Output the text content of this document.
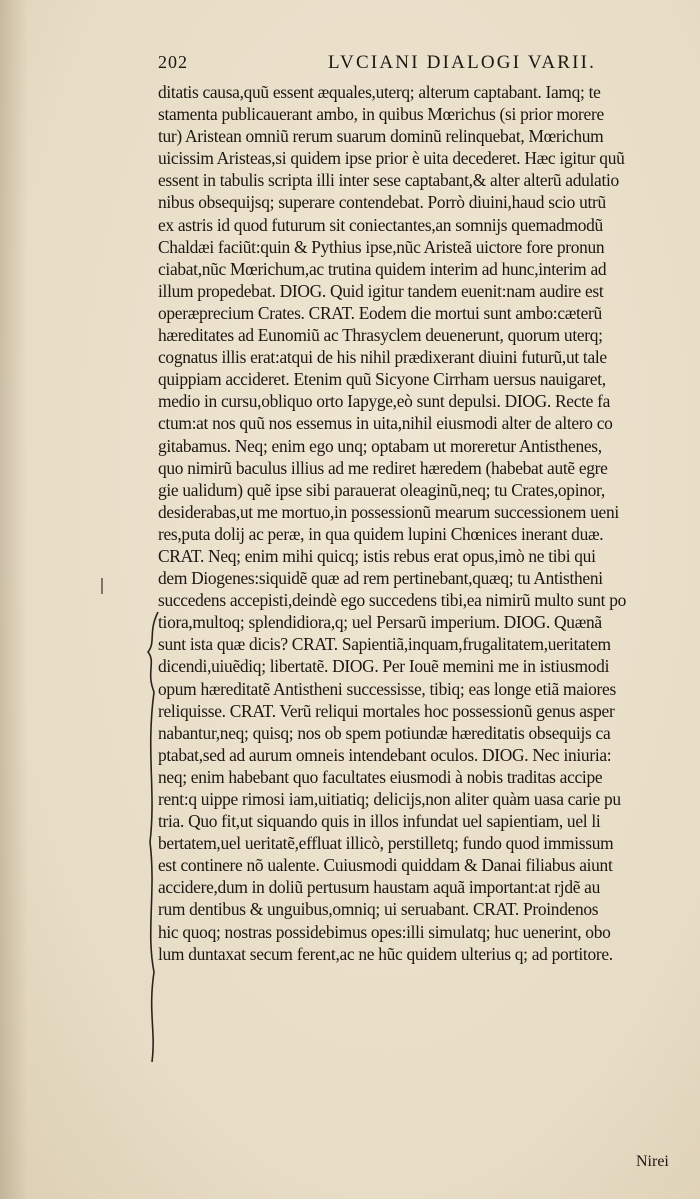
202	LVCIANI DIALOGI VARII.
ditatis causa,quũ essent æquales,uterq; alterum captabant. Iamq; te
stamenta publicauerant ambo, in quibus Mœrichus (si prior morere
tur) Aristean omniũ rerum suarum dominũ relinquebat, Mœrichum
uicissim Aristeas,si quidem ipse prior è uita decederet. Hæc igitur quũ
essent in tabulis scripta illi inter sese captabant,& alter alterũ adulatio
nibus obsequijsq; superare contendebat. Porrò diuini,haud scio utrũ
ex astris id quod futurum sit coniectantes,an somnijs quemadmodũ
Chaldæi faciũt:quin & Pythius ipse,nũc Aristeã uictore fore pronun
ciabat,nũc Mœrichum,ac trutina quidem interim ad hunc,interim ad
illum propedebat. DIOG. Quid igitur tandem euenit:nam audire est
operæprecium Crates. CRAT. Eodem die mortui sunt ambo:cæterũ
hæreditates ad Eunomiũ ac Thrasyclem deuenerunt, quorum uterq;
cognatus illis erat:atqui de his nihil prædixerant diuini futurũ,ut tale
quippiam accideret. Etenim quũ Sicyone Cirrham uersus nauigaret,
medio in cursu,obliquo orto Iapyge,eò sunt depulsi. DIOG. Recte fa
ctum:at nos quũ nos essemus in uita,nihil eiusmodi alter de altero co
gitabamus. Neq; enim ego unq; optabam ut moreretur Antisthenes,
quo nimirũ baculus illius ad me rediret hæredem (habebat autẽ egre
gie ualidum) quẽ ipse sibi parauerat oleaginũ,neq; tu Crates,opinor,
desiderabas,ut me mortuo,in possessionũ mearum successionem ueni
res,puta dolij ac peræ, in qua quidem lupini Chœnices inerant duæ.
CRAT. Neq; enim mihi quicq; istis rebus erat opus,imò ne tibi qui
dem Diogenes:siquidẽ quæ ad rem pertinebant,quæq; tu Antistheni
succedens accepisti,deindè ego succedens tibi,ea nimirũ multo sunt po
tiora,multoq; splendidiora,q; uel Persarũ imperium. DIOG. Quænã
sunt ista quæ dicis? CRAT. Sapientiã,inquam,frugalitatem,ueritatem
dicendi,uiuẽdiq; libertatẽ. DIOG. Per Iouẽ memini me in istiusmodi
opum hæreditatẽ Antistheni successisse, tibiq; eas longe etiã maiores
reliquisse. CRAT. Verũ reliqui mortales hoc possessionũ genus asper
nabantur,neq; quisq; nos ob spem potiundæ hæreditatis obsequijs ca
ptabat,sed ad aurum omneis intendebant oculos. DIOG. Nec iniuria:
neq; enim habebant quo facultates eiusmodi à nobis traditas accipe
rent:q uippe rimosi iam,uitiatiq; delicijs,non aliter quàm uasa carie pu
tria. Quo fit,ut siquando quis in illos infundat uel sapientiam, uel li
bertatem,uel ueritatẽ,effluat illicò, perstilletq; fundo quod immissum
est continere nõ ualente. Cuiusmodi quiddam & Danai filiabus aiunt
accidere,dum in doliũ pertusum haustam aquã important:at rjdẽ au
rum dentibus & unguibus,omniq; ui seruabant. CRAT. Proindenos
hic quoq; nostras possidebimus opes:illi simulatq; huc uenerint, obo
lum duntaxat secum ferent,ac ne hũc quidem ulterius q; ad portitore.
Nirei
